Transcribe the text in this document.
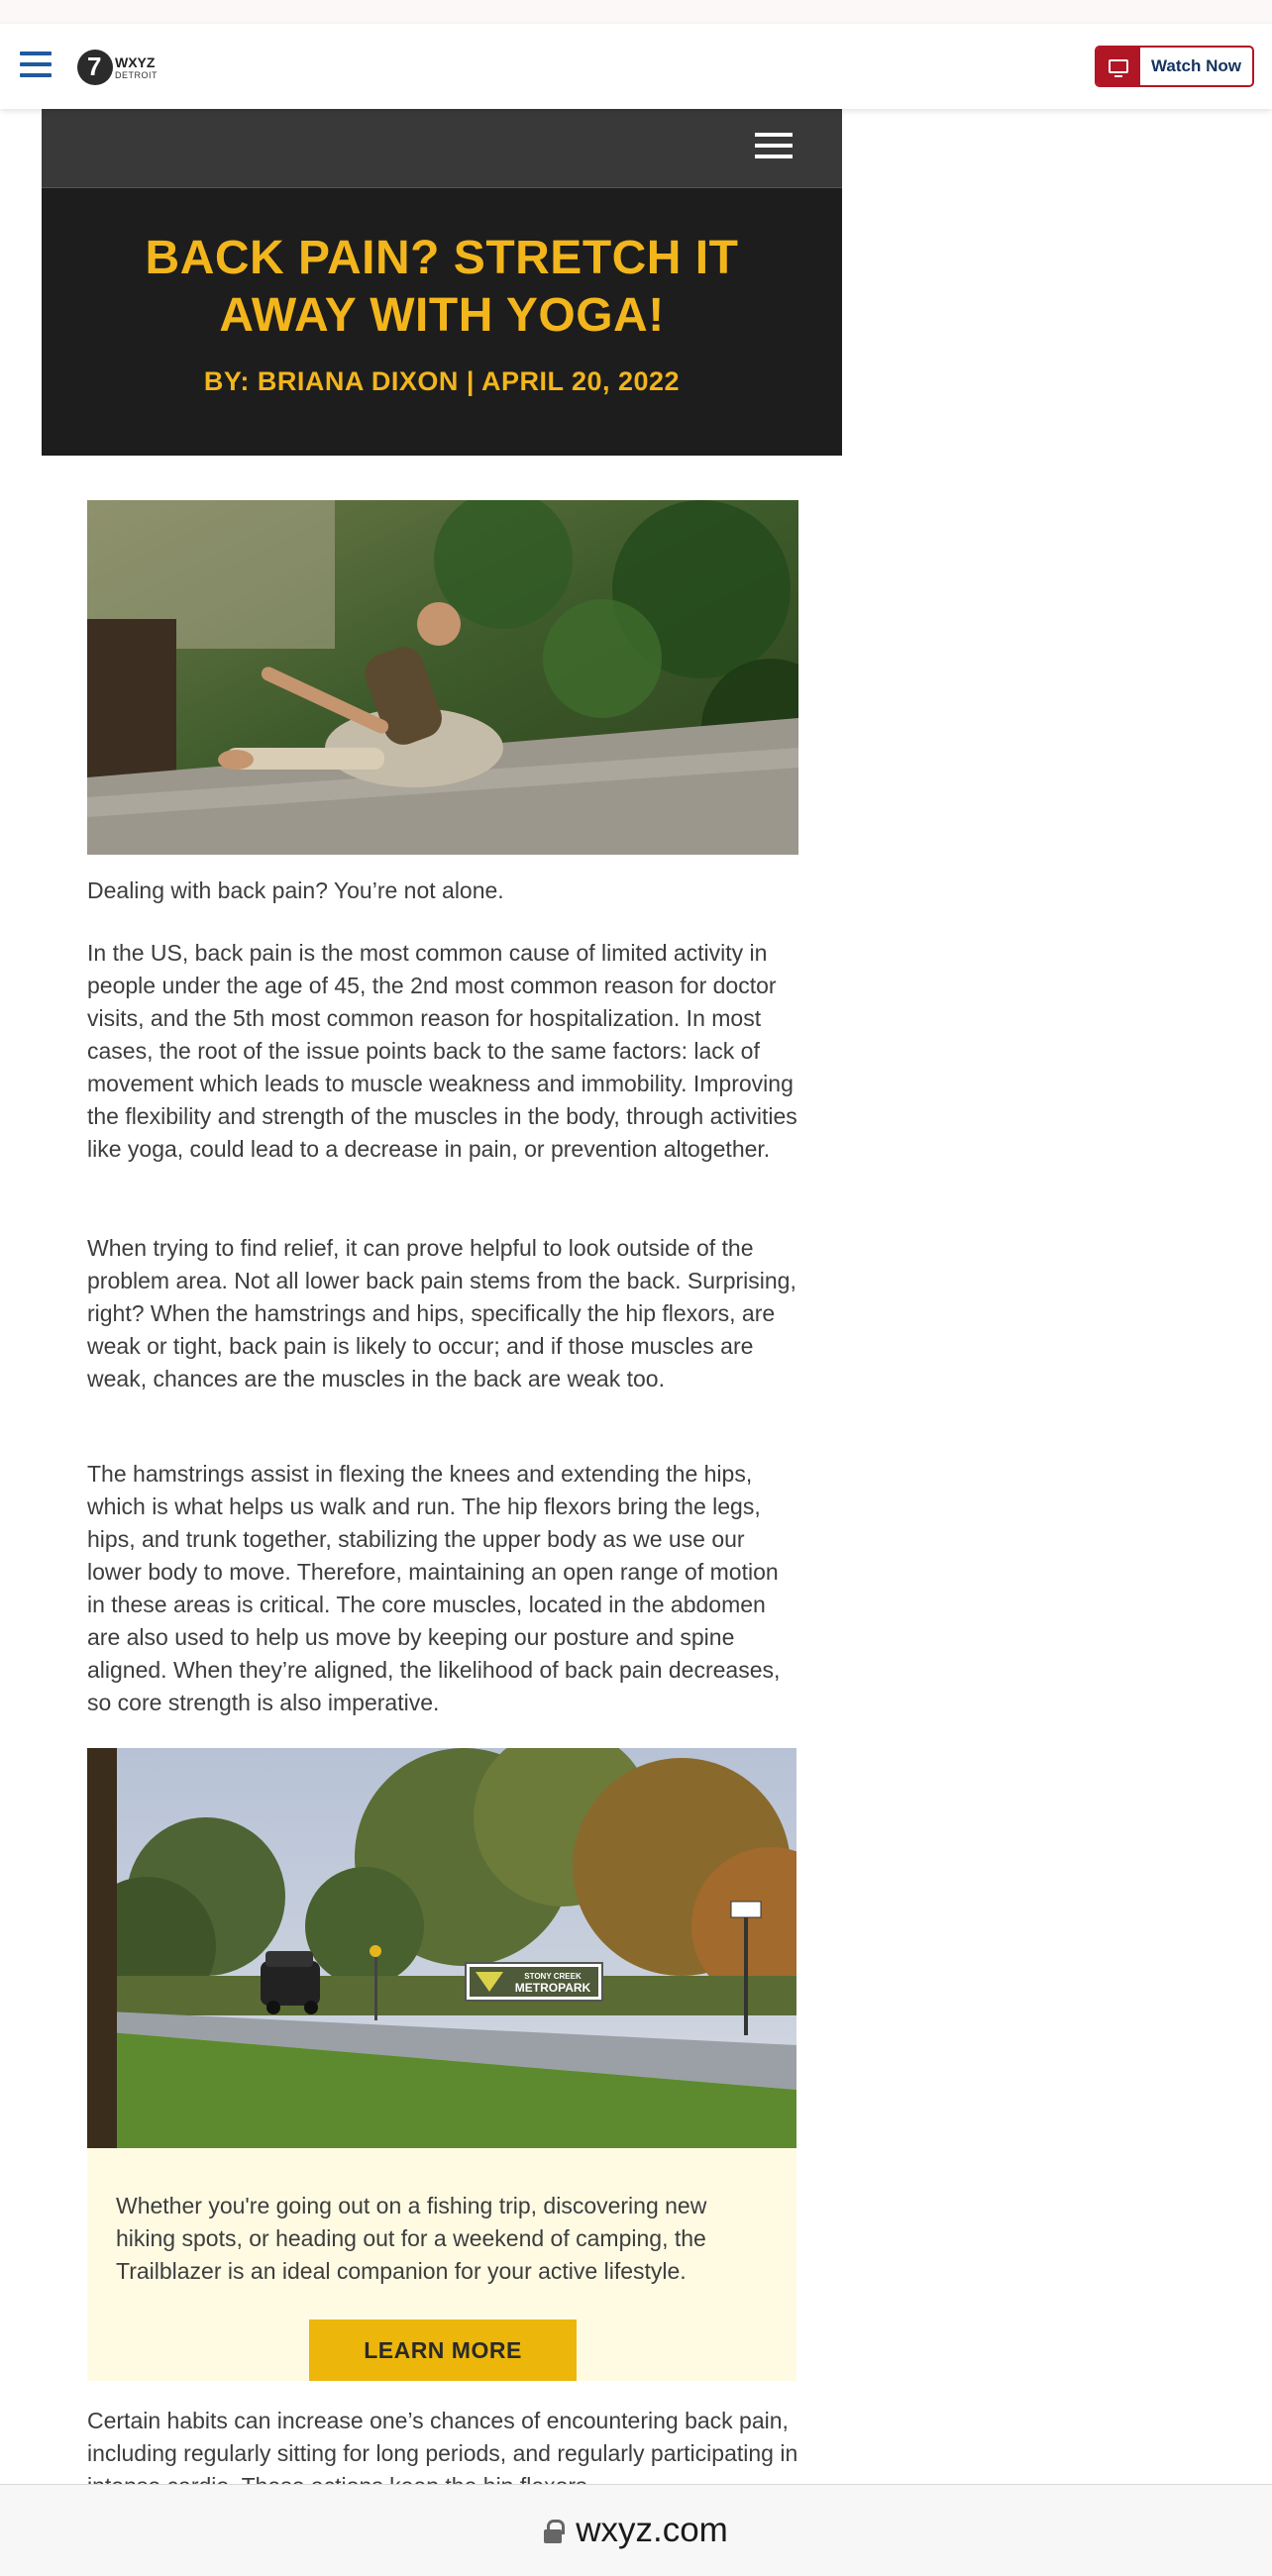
7
WXYZ
DETROIT	Watch Now
BACK PAIN? STRETCH IT AWAY WITH YOGA!
BY: BRIANA DIXON | APRIL 20, 2022

Dealing with back pain? You’re not alone.

In the US, back pain is the most common cause of limited activity in people under the age of 45, the 2nd most common reason for doctor visits, and the 5th most common reason for hospitalization. In most cases, the root of the issue points back to the same factors: lack of movement which leads to muscle weakness and immobility. Improving the flexibility and strength of the muscles in the body, through activities like yoga, could lead to a decrease in pain, or prevention altogether.

When trying to find relief, it can prove helpful to look outside of the problem area. Not all lower back pain stems from the back. Surprising, right? When the hamstrings and hips, specifically the hip flexors, are weak or tight, back pain is likely to occur; and if those muscles are weak, chances are the muscles in the back are weak too.

The hamstrings assist in flexing the knees and extending the hips, which is what helps us walk and run. The hip flexors bring the legs, hips, and trunk together, stabilizing the upper body as we use our lower body to move. Therefore, maintaining an open range of motion in these areas is critical. The core muscles, located in the abdomen are also used to help us move by keeping our posture and spine aligned. When they’re aligned, the likelihood of back pain decreases, so core strength is also imperative.

STONY CREEK
METROPARK

Whether you're going out on a fishing trip, discovering new hiking spots, or heading out for a weekend of camping, the Trailblazer is an ideal companion for your active lifestyle.

LEARN MORE

Certain habits can increase one’s chances of encountering back pain, including regularly sitting for long periods, and regularly participating in

wxyz.com
